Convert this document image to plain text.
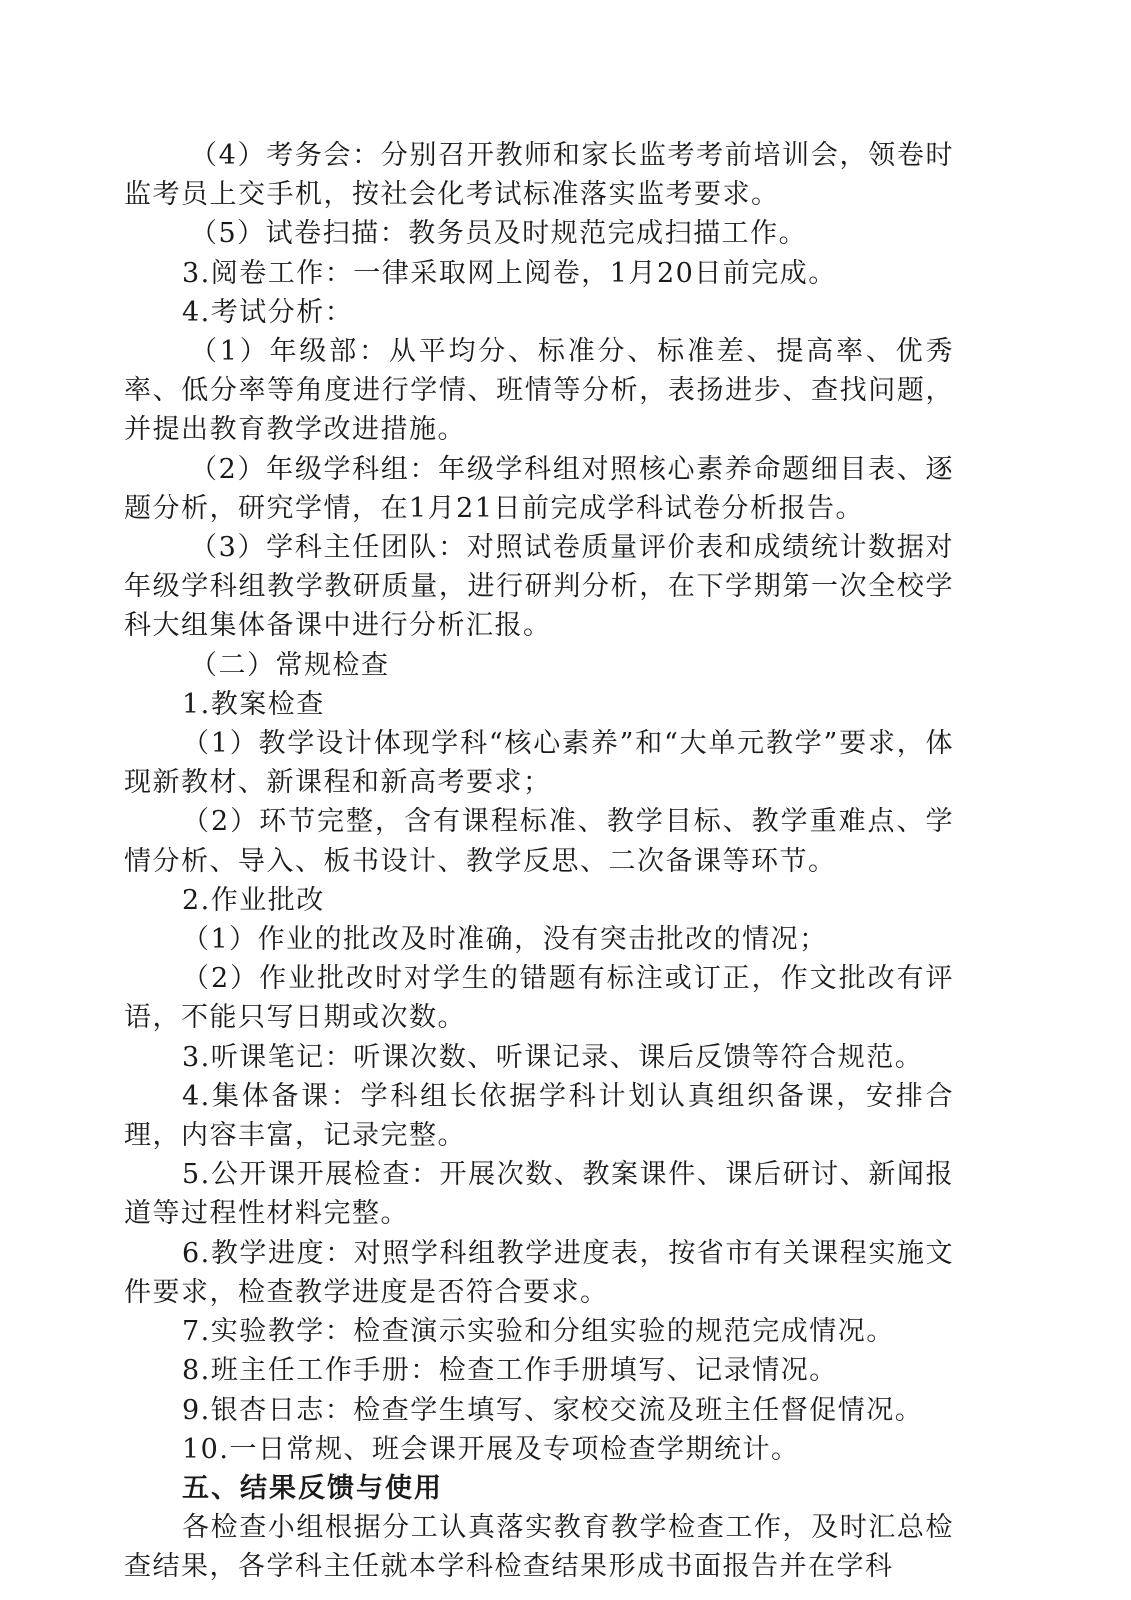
（4）考务会：分别召开教师和家长监考考前培训会，领卷时监考员上交手机，按社会化考试标准落实监考要求。

（5）试卷扫描：教务员及时规范完成扫描工作。

3.阅卷工作：一律采取网上阅卷，1月20日前完成。

4.考试分析：

（1）年级部：从平均分、标准分、标准差、提高率、优秀率、低分率等角度进行学情、班情等分析，表扬进步、查找问题，并提出教育教学改进措施。

（2）年级学科组：年级学科组对照核心素养命题细目表、逐题分析，研究学情，在1月21日前完成学科试卷分析报告。

（3）学科主任团队：对照试卷质量评价表和成绩统计数据对年级学科组教学教研质量，进行研判分析，在下学期第一次全校学科大组集体备课中进行分析汇报。

（二）常规检查

1.教案检查

（1）教学设计体现学科“核心素养”和“大单元教学”要求，体现新教材、新课程和新高考要求；

（2）环节完整，含有课程标准、教学目标、教学重难点、学情分析、导入、板书设计、教学反思、二次备课等环节。

2.作业批改

（1）作业的批改及时准确，没有突击批改的情况；

（2）作业批改时对学生的错题有标注或订正，作文批改有评语，不能只写日期或次数。

3.听课笔记：听课次数、听课记录、课后反馈等符合规范。

4.集体备课：学科组长依据学科计划认真组织备课，安排合理，内容丰富，记录完整。

5.公开课开展检查：开展次数、教案课件、课后研讨、新闻报道等过程性材料完整。

6.教学进度：对照学科组教学进度表，按省市有关课程实施文件要求，检查教学进度是否符合要求。

7.实验教学：检查演示实验和分组实验的规范完成情况。

8.班主任工作手册：检查工作手册填写、记录情况。

9.银杏日志：检查学生填写、家校交流及班主任督促情况。

10.一日常规、班会课开展及专项检查学期统计。

五、结果反馈与使用

各检查小组根据分工认真落实教育教学检查工作，及时汇总检查结果，各学科主任就本学科检查结果形成书面报告并在学科
